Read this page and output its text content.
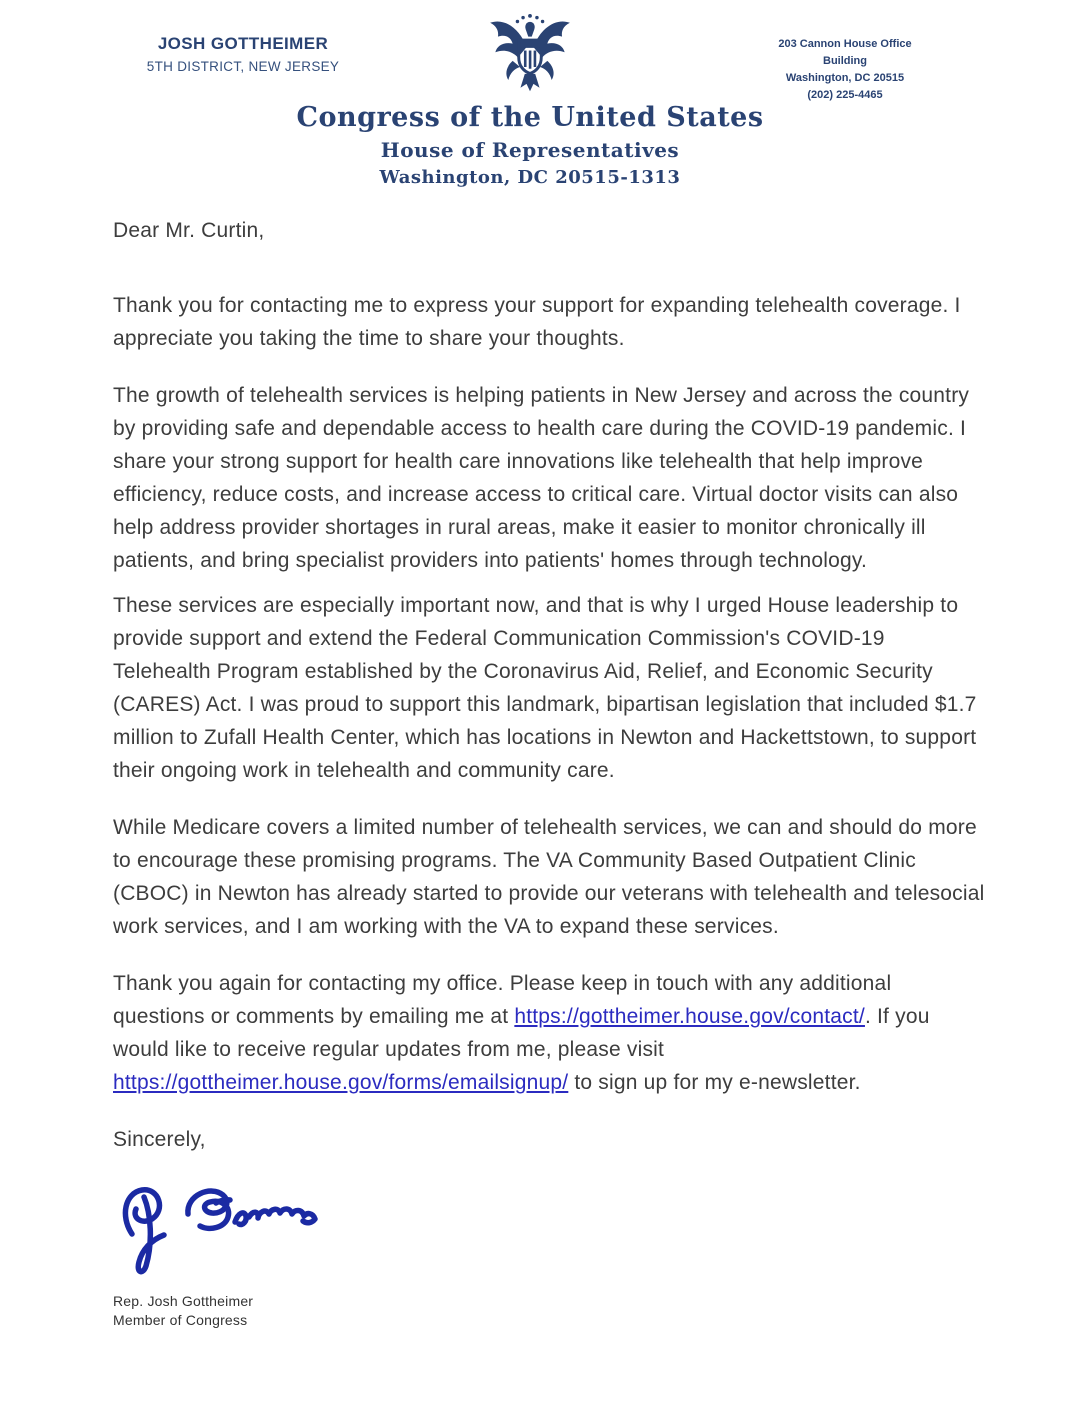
JOSH GOTTHEIMER
5TH DISTRICT, NEW JERSEY
Congress of the United States
House of Representatives
Washington, DC 20515-1313
203 Cannon House Office Building
Washington, DC 20515
(202) 225-4465

Dear Mr. Curtin,

Thank you for contacting me to express your support for expanding telehealth coverage. I appreciate you taking the time to share your thoughts.

The growth of telehealth services is helping patients in New Jersey and across the country by providing safe and dependable access to health care during the COVID-19 pandemic. I share your strong support for health care innovations like telehealth that help improve efficiency, reduce costs, and increase access to critical care. Virtual doctor visits can also help address provider shortages in rural areas, make it easier to monitor chronically ill patients, and bring specialist providers into patients' homes through technology.

These services are especially important now, and that is why I urged House leadership to provide support and extend the Federal Communication Commission's COVID-19 Telehealth Program established by the Coronavirus Aid, Relief, and Economic Security (CARES) Act. I was proud to support this landmark, bipartisan legislation that included $1.7 million to Zufall Health Center, which has locations in Newton and Hackettstown, to support their ongoing work in telehealth and community care.

While Medicare covers a limited number of telehealth services, we can and should do more to encourage these promising programs. The VA Community Based Outpatient Clinic (CBOC) in Newton has already started to provide our veterans with telehealth and telesocial work services, and I am working with the VA to expand these services.

Thank you again for contacting my office. Please keep in touch with any additional questions or comments by emailing me at https://gottheimer.house.gov/contact/. If you would like to receive regular updates from me, please visit https://gottheimer.house.gov/forms/emailsignup/ to sign up for my e-newsletter.

Sincerely,

Rep. Josh Gottheimer
Member of Congress
